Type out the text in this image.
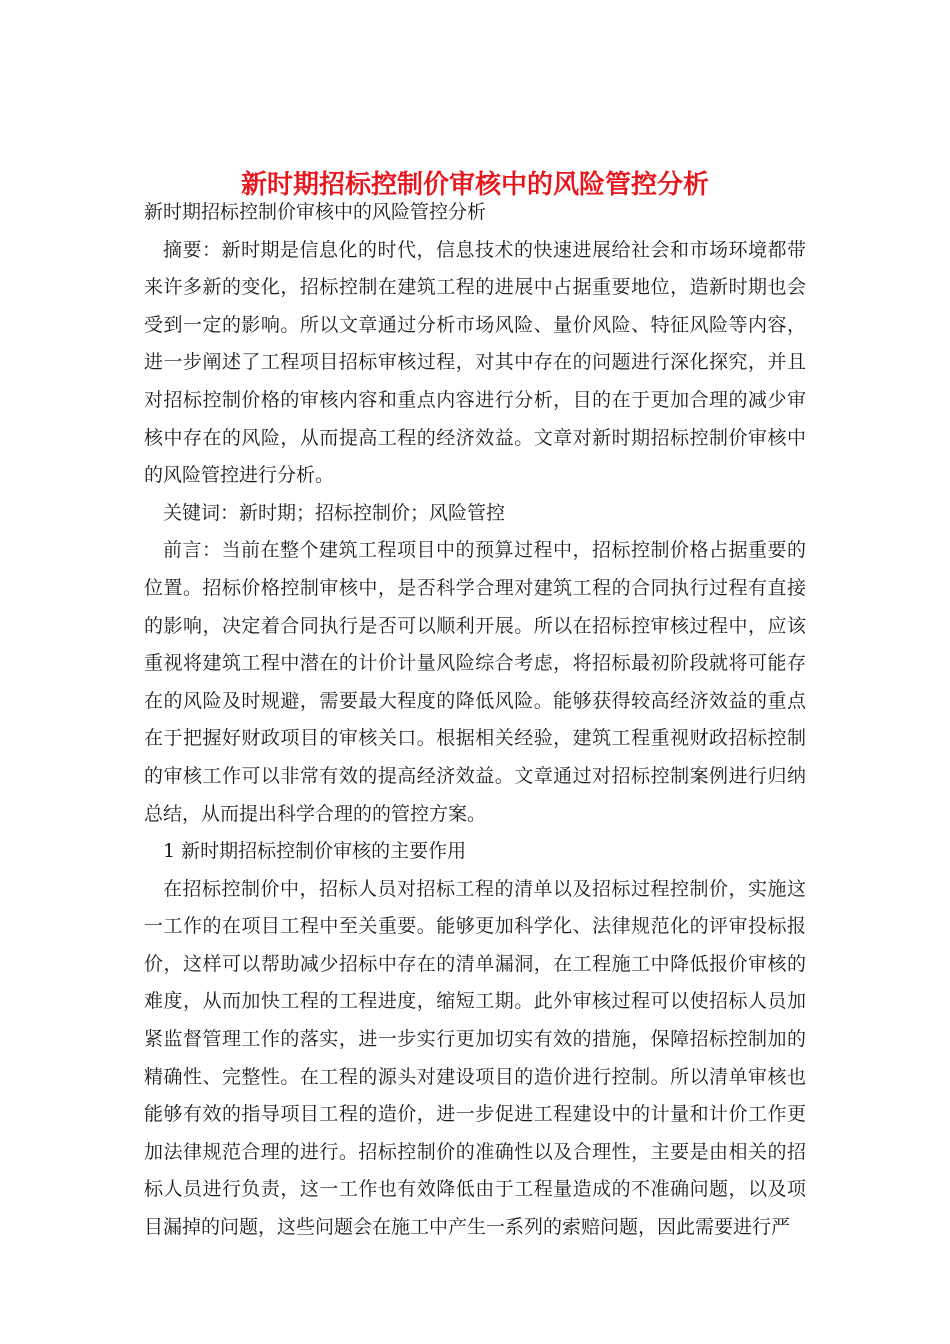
新时期招标控制价审核中的风险管控分析

新时期招标控制价审核中的风险管控分析

摘要：新时期是信息化的时代，信息技术的快速进展给社会和市场环境都带来许多新的变化，招标控制在建筑工程的进展中占据重要地位，造新时期也会受到一定的影响。所以文章通过分析市场风险、量价风险、特征风险等内容，进一步阐述了工程项目招标审核过程，对其中存在的问题进行深化探究，并且对招标控制价格的审核内容和重点内容进行分析，目的在于更加合理的减少审核中存在的风险，从而提高工程的经济效益。文章对新时期招标控制价审核中的风险管控进行分析。

关键词：新时期；招标控制价；风险管控

前言：当前在整个建筑工程项目中的预算过程中，招标控制价格占据重要的位置。招标价格控制审核中，是否科学合理对建筑工程的合同执行过程有直接的影响，决定着合同执行是否可以顺利开展。所以在招标控审核过程中，应该重视将建筑工程中潜在的计价计量风险综合考虑，将招标最初阶段就将可能存在的风险及时规避，需要最大程度的降低风险。能够获得较高经济效益的重点在于把握好财政项目的审核关口。根据相关经验，建筑工程重视财政招标控制的审核工作可以非常有效的提高经济效益。文章通过对招标控制案例进行归纳总结，从而提出科学合理的的管控方案。

1 新时期招标控制价审核的主要作用

在招标控制价中，招标人员对招标工程的清单以及招标过程控制价，实施这一工作的在项目工程中至关重要。能够更加科学化、法律规范化的评审投标报价，这样可以帮助减少招标中存在的清单漏洞，在工程施工中降低报价审核的难度，从而加快工程的工程进度，缩短工期。此外审核过程可以使招标人员加紧监督管理工作的落实，进一步实行更加切实有效的措施，保障招标控制加的精确性、完整性。在工程的源头对建设项目的造价进行控制。所以清单审核也能够有效的指导项目工程的造价，进一步促进工程建设中的计量和计价工作更加法律规范合理的进行。招标控制价的准确性以及合理性，主要是由相关的招标人员进行负责，这一工作也有效降低由于工程量造成的不准确问题，以及项目漏掉的问题，这些问题会在施工中产生一系列的索赔问题，因此需要进行严
